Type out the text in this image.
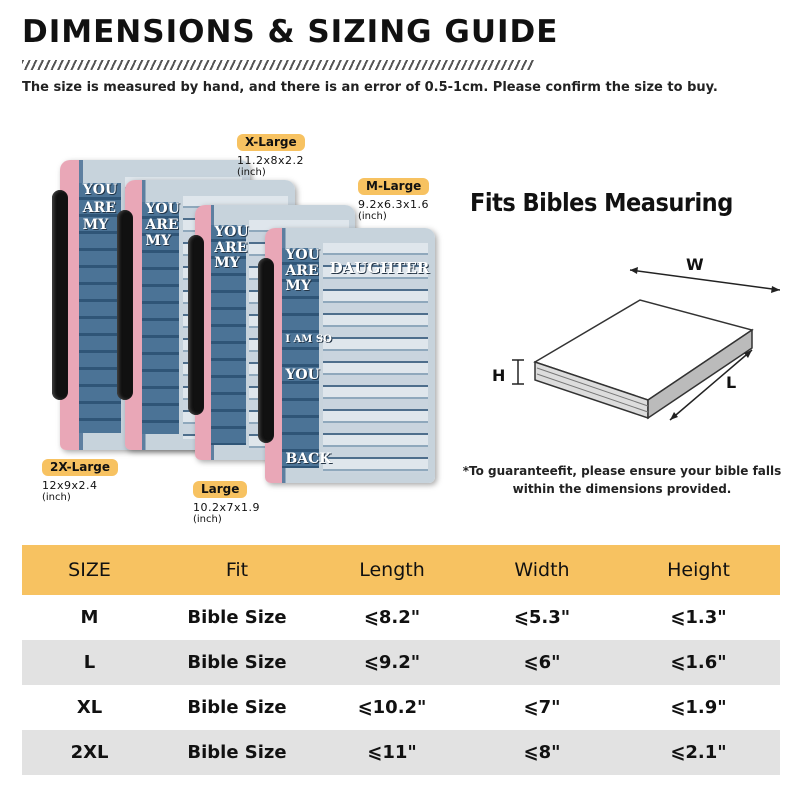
DIMENSIONS & SIZING GUIDE
The size is measured by hand, and there is an error of 0.5-1cm. Please confirm the size to buy.
YOU
ARE
MY
YOU
ARE
MY
YOU
ARE
MY	YOU
ARE
MY
DAUGHTER
I AM SO
YOU
BACK
X-Large
11.2x8x2.2
(inch)
M-Large
9.2x6.3x1.6
(inch)
2X-Large
12x9x2.4
(inch)
Large
10.2x7x1.9
(inch)
Fits Bibles Measuring
W
H	L
*To guaranteefit, please ensure your bible falls within the dimensions provided.
SIZE	Fit	Length	Width	Height
M	Bible Size	⩽8.2"	⩽5.3"	⩽1.3"
L	Bible Size	⩽9.2"	⩽6"	⩽1.6"
XL	Bible Size	⩽10.2"	⩽7"	⩽1.9"
2XL	Bible Size	⩽11"	⩽8"	⩽2.1"
